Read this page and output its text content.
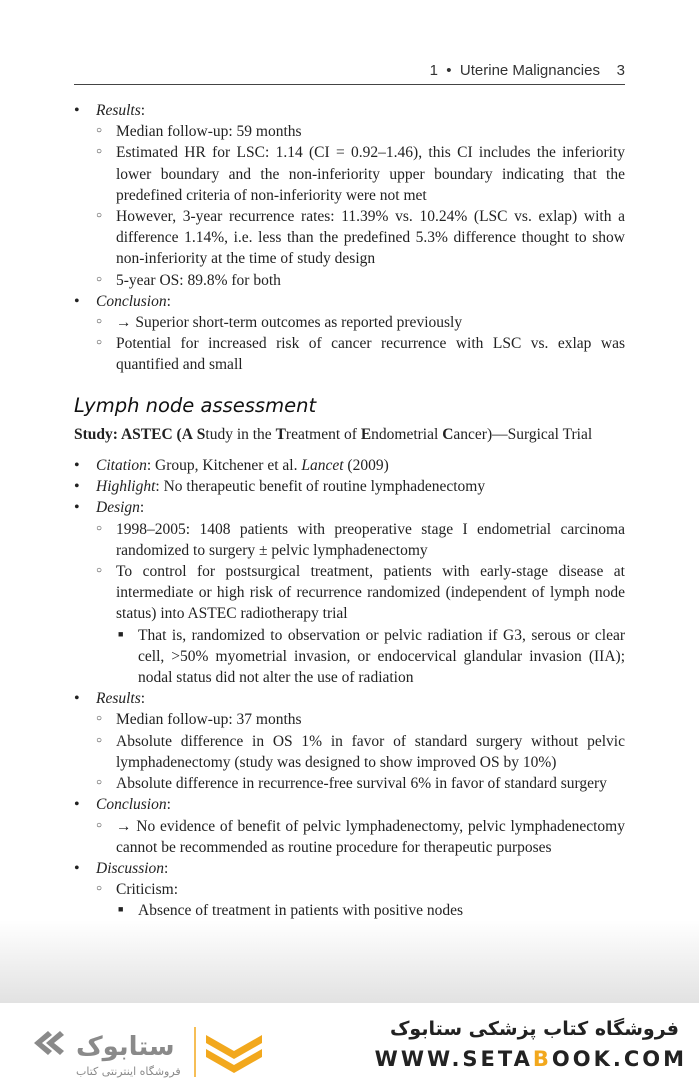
1 • Uterine Malignancies 3
• Results:
○ Median follow-up: 59 months
○ Estimated HR for LSC: 1.14 (CI = 0.92–1.46), this CI includes the inferiority lower boundary and the non-inferiority upper boundary indicating that the predefined criteria of non-inferiority were not met
○ However, 3-year recurrence rates: 11.39% vs. 10.24% (LSC vs. exlap) with a difference 1.14%, i.e. less than the predefined 5.3% difference thought to show non-inferiority at the time of study design
○ 5-year OS: 89.8% for both
• Conclusion:
○ → Superior short-term outcomes as reported previously
○ Potential for increased risk of cancer recurrence with LSC vs. exlap was quantified and small
Lymph node assessment

Study: ASTEC (A Study in the Treatment of Endometrial Cancer)—Surgical Trial

• Citation: Group, Kitchener et al. Lancet (2009)
• Highlight: No therapeutic benefit of routine lymphadenectomy
• Design:
○ 1998–2005: 1408 patients with preoperative stage I endometrial carcinoma randomized to surgery ± pelvic lymphadenectomy
○ To control for postsurgical treatment, patients with early-stage disease at intermediate or high risk of recurrence randomized (independent of lymph node status) into ASTEC radiotherapy trial
■ That is, randomized to observation or pelvic radiation if G3, serous or clear cell, >50% myometrial invasion, or endocervical glandular invasion (IIA); nodal status did not alter the use of radiation
• Results:
○ Median follow-up: 37 months
○ Absolute difference in OS 1% in favor of standard surgery without pelvic lymphadenectomy (study was designed to show improved OS by 10%)
○ Absolute difference in recurrence-free survival 6% in favor of standard surgery
• Conclusion:
○ → No evidence of benefit of pelvic lymphadenectomy, pelvic lymphadenectomy cannot be recommended as routine procedure for therapeutic purposes
• Discussion:
○ Criticism:
■ Absence of treatment in patients with positive nodes
ستابوک
فروشگاه اینترنتی کتاب
فروشگاه کتاب پزشکی ستابوک
WWW.SETABOOK.COM
